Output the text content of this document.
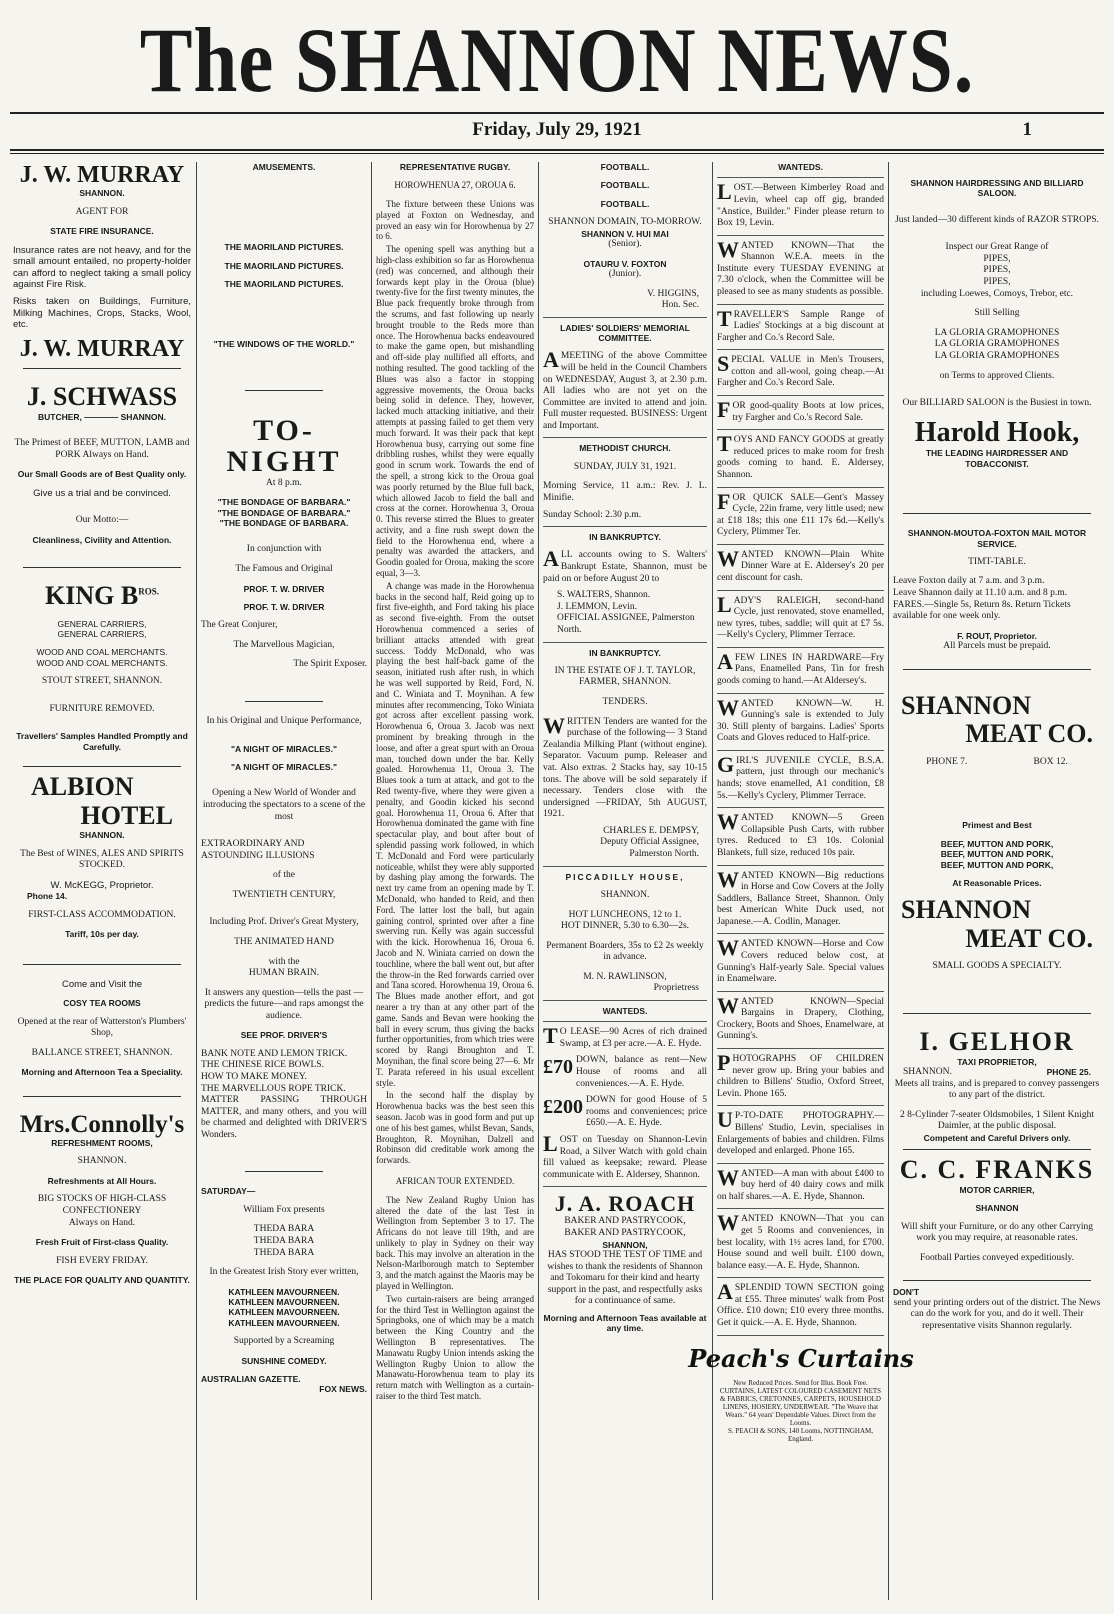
The SHANNON NEWS.
Friday, July 29, 1921	1
J. W. MURRAY
SHANNON.
AGENT FOR
STATE FIRE INSURANCE.

Insurance rates are not heavy, and for the small amount entailed, no property-holder can afford to neglect taking a small policy against Fire Risk.

Risks taken on Buildings, Furniture, Milking Machines, Crops, Stacks, Wool, etc.

J. W. MURRAY
J. SCHWASS
BUTCHER, ———— SHANNON.
The Primest of BEEF, MUTTON, LAMB and PORK Always on Hand.
Our Small Goods are of Best Quality only.
Give us a trial and be convinced.
Our Motto:—
Cleanliness, Civility and Attention.
KING $B^{ROS.}$
GENERAL CARRIERS,
GENERAL CARRIERS,
WOOD AND COAL MERCHANTS.
WOOD AND COAL MERCHANTS.
STOUT STREET, SHANNON.
FURNITURE REMOVED.
Travellers' Samples Handled Promptly and Carefully.
ALBION
HOTEL
SHANNON.
The Best of WINES, ALES AND SPIRITS STOCKED.
W. McKEGG, Proprietor.
Phone 14.
FIRST-CLASS ACCOMMODATION.
Tariff, 10s per day.
Come and Visit the
COSY TEA ROOMS
Opened at the rear of Watterston's Plumbers' Shop,
BALLANCE STREET, SHANNON.
Morning and Afternoon Tea a Speciality.
Mrs.Connolly's
REFRESHMENT ROOMS,
SHANNON.
Refreshments at All Hours.
BIG STOCKS OF HIGH-CLASS CONFECTIONERY
Always on Hand.
Fresh Fruit of First-class Quality.
FISH EVERY FRIDAY.
THE PLACE FOR QUALITY AND QUANTITY.
AMUSEMENTS.
THE MAORILAND PICTURES.
THE MAORILAND PICTURES.
THE MAORILAND PICTURES.
"THE WINDOWS OF THE WORLD."
TO-NIGHT
At 8 p.m.
"THE BONDAGE OF BARBARA."
"THE BONDAGE OF BARBARA."
"THE BONDAGE OF BARBARA.
In conjunction with
The Famous and Original
PROF. T. W. DRIVER
PROF. T. W. DRIVER
The Great Conjurer,
The Marvellous Magician,
The Spirit Exposer.
In his Original and Unique Performance,
"A NIGHT OF MIRACLES."
"A NIGHT OF MIRACLES."
Opening a New World of Wonder and introducing the spectators to a scene of the most
EXTRAORDINARY AND ASTOUNDING ILLUSIONS
of the
TWENTIETH CENTURY,
Including Prof. Driver's Great Mystery,
THE ANIMATED HAND
with the
HUMAN BRAIN.
It answers any question—tells the past —predicts the future—and raps amongst the audience.
SEE PROF. DRIVER'S
BANK NOTE AND LEMON TRICK.
THE CHINESE RICE BOWLS.
HOW TO MAKE MONEY.
THE MARVELLOUS ROPE TRICK.
MATTER PASSING THROUGH MATTER, and many others, and you will be charmed and delighted with DRIVER'S Wonders.
SATURDAY—
William Fox presents
THEDA BARA
THEDA BARA
THEDA BARA
In the Greatest Irish Story ever written,
KATHLEEN MAVOURNEEN.
KATHLEEN MAVOURNEEN.
KATHLEEN MAVOURNEEN.
KATHLEEN MAVOURNEEN.
Supported by a Screaming
SUNSHINE COMEDY.
AUSTRALIAN GAZETTE.
FOX NEWS.
REPRESENTATIVE RUGBY.
HOROWHENUA 27, OROUA 6.

The fixture between these Unions was played at Foxton on Wednesday, and proved an easy win for Horowhenua by 27 to 6.

The opening spell was anything but a high-class exhibition so far as Horowhenua (red) was concerned, and although their forwards kept play in the Oroua (blue) twenty-five for the first twenty minutes, the Blue pack frequently broke through from the scrums, and fast following up nearly brought trouble to the Reds more than once. The Horowhenua backs endeavoured to make the game open, but mishandling and off-side play nullified all efforts, and nothing resulted. The good tackling of the Blues was also a factor in stopping aggressive movements, the Oroua backs being solid in defence. They, however, lacked much attacking initiative, and their attempts at passing failed to get them very much forward. It was their pack that kept Horowhenua busy, carrying out some fine dribbling rushes, whilst they were equally good in scrum work. Towards the end of the spell, a strong kick to the Oroua goal was poorly returned by the Blue full back, which allowed Jacob to field the ball and cross at the corner. Horowhenua 3, Oroua 0. This reverse stirred the Blues to greater activity, and a fine rush swept down the field to the Horowhenua end, where a penalty was awarded the attackers, and Goodin goaled for Oroua, making the score equal, 3—3.

A change was made in the Horowhenua backs in the second half, Reid going up to first five-eighth, and Ford taking his place as second five-eighth. From the outset Horowhenua commenced a series of brilliant attacks attended with great success. Toddy McDonald, who was playing the best half-back game of the season, initiated rush after rush, in which he was well supported by Reid, Ford, N. and C. Winiata and T. Moynihan. A few minutes after recommencing, Toko Winiata got across after excellent passing work. Horowhenua 6, Oroua 3. Jacob was next prominent by breaking through in the loose, and after a great spurt with an Oroua man, touched down under the bar. Kelly goaled. Horowhenua 11, Oroua 3. The Blues took a turn at attack, and got to the Red twenty-five, where they were given a penalty, and Goodin kicked his second goal. Horowhenua 11, Oroua 6. After that Horowhenua dominated the game with fine spectacular play, and bout after bout of splendid passing work followed, in which T. McDonald and Ford were particularly noticeable, whilst they were ably supported by dashing play among the forwards. The next try came from an opening made by T. McDonald, who handed to Reid, and then Ford. The latter lost the ball, but again gaining control, sprinted over after a fine swerving run. Kelly was again successful with the kick. Horowhenua 16, Oroua 6. Jacob and N. Winiata carried on down the touchline, where the ball went out, but after the throw-in the Red forwards carried over and Tana scored. Horowhenua 19, Oroua 6. The Blues made another effort, and got nearer a try than at any other part of the game. Sands and Bevan were hooking the ball in every scrum, thus giving the backs further opportunities, from which tries were scored by Rangi Broughton and T. Moynihan, the final score being 27—6. Mr T. Parata refereed in his usual excellent style.

In the second half the display by Horowhenua backs was the best seen this season. Jacob was in good form and put up one of his best games, whilst Bevan, Sands, Broughton, R. Moynihan, Dalzell and Robinson did creditable work among the forwards.

AFRICAN TOUR EXTENDED.

The New Zealand Rugby Union has altered the date of the last Test in Wellington from September 3 to 17. The Africans do not leave till 19th, and are unlikely to play in Sydney on their way back. This may involve an alteration in the Nelson-Marlborough match to September 3, and the match against the Maoris may be played in Wellington.

Two curtain-raisers are being arranged for the third Test in Wellington against the Springboks, one of which may be a match between the King Country and the Wellington B representatives. The Manawatu Rugby Union intends asking the Wellington Rugby Union to allow the Manawatu-Horowhenua team to play its return match with Wellington as a curtain-raiser to the third Test match.

FOOTBALL.
FOOTBALL.
FOOTBALL.
SHANNON DOMAIN, TO-MORROW.
SHANNON V. HUI MAI
(Senior).
OTAURU V. FOXTON
(Junior).
V. HIGGINS,
Hon. Sec.
LADIES' SOLDIERS' MEMORIAL COMMITTEE.

AMEETING of the above Committee will be held in the Council Chambers on WEDNESDAY, August 3, at 2.30 p.m. All ladies who are not yet on the Committee are invited to attend and join. Full muster requested. BUSINESS: Urgent and Important.

METHODIST CHURCH.
SUNDAY, JULY 31, 1921.

Morning Service, 11 a.m.: Rev. J. L. Minifie.

Sunday School: 2.30 p.m.

IN BANKRUPTCY.

ALL accounts owing to S. Walters' Bankrupt Estate, Shannon, must be paid on or before August 20 to

S. WALTERS, Shannon.
J. LEMMON, Levin.
OFFICIAL ASSIGNEE, Palmerston North.
IN BANKRUPTCY.
IN THE ESTATE OF J. T. TAYLOR, FARMER, SHANNON.
TENDERS.

WRITTEN Tenders are wanted for the purchase of the following— 3 Stand Zealandia Milking Plant (without engine). Separator. Vacuum pump. Releaser and vat. Also extras. 2 Stacks hay, say 10-15 tons. The above will be sold separately if necessary. Tenders close with the undersigned —FRIDAY, 5th AUGUST, 1921.

CHARLES E. DEMPSY,
Deputy Official Assignee,
Palmerston North.
PICCADILLY HOUSE,
SHANNON.
HOT LUNCHEONS, 12 to 1.
HOT DINNER, 5.30 to 6.30—2s.
Permanent Boarders, 35s to £2 2s weekly in advance.
M. N. RAWLINSON,
Proprietress
WANTEDS.

TO LEASE—90 Acres of rich drained Swamp, at £3 per acre.—A. E. Hyde.

£70 DOWN, balance as rent—New House of rooms and all conveniences.—A. E. Hyde.

£200 DOWN for good House of 5 rooms and conveniences; price £650.—A. E. Hyde.

LOST on Tuesday on Shannon-Levin Road, a Silver Watch with gold chain fill valued as keepsake; reward. Please communicate with E. Aldersey, Shannon.

J. A. ROACH
BAKER AND PASTRYCOOK,
BAKER AND PASTRYCOOK,
SHANNON,

HAS STOOD THE TEST OF TIME and wishes to thank the residents of Shannon and Tokomaru for their kind and hearty support in the past, and respectfully asks for a continuance of same.

Morning and Afternoon Teas available at any time.
WANTEDS.

LOST.—Between Kimberley Road and Levin, wheel cap off gig, branded "Anstice, Builder." Finder please return to Box 19, Levin.

WANTED KNOWN—That the Shannon W.E.A. meets in the Institute every TUESDAY EVENING at 7.30 o'clock, when the Committee will be pleased to see as many students as possible.

TRAVELLER'S Sample Range of Ladies' Stockings at a big discount at Fargher and Co.'s Record Sale.

SPECIAL VALUE in Men's Trousers, cotton and all-wool, going cheap.—At Fargher and Co.'s Record Sale.

FOR good-quality Boots at low prices, try Fargher and Co.'s Record Sale.

TOYS AND FANCY GOODS at greatly reduced prices to make room for fresh goods coming to hand. E. Aldersey, Shannon.

FOR QUICK SALE—Gent's Massey Cycle, 22in frame, very little used; new at £18 18s; this one £11 17s 6d.—Kelly's Cyclery, Plimmer Ter.

WANTED KNOWN—Plain White Dinner Ware at E. Aldersey's 20 per cent discount for cash.

LADY'S RALEIGH, second-hand Cycle, just renovated, stove enamelled, new tyres, tubes, saddle; will quit at £7 5s.—Kelly's Cyclery, Plimmer Terrace.

AFEW LINES IN HARDWARE—Fry Pans, Enamelled Pans, Tin for fresh goods coming to hand.—At Aldersey's.

WANTED KNOWN—W. H. Gunning's sale is extended to July 30. Still plenty of bargains. Ladies' Sports Coats and Gloves reduced to Half-price.

GIRL'S JUVENILE CYCLE, B.S.A. pattern, just through our mechanic's hands; stove enamelled, A1 condition, £8 5s.—Kelly's Cyclery, Plimmer Terrace.

WANTED KNOWN—5 Green Collapsible Push Carts, with rubber tyres. Reduced to £3 10s. Colonial Blankets, full size, reduced 10s pair.

WANTED KNOWN—Big reductions in Horse and Cow Covers at the Jolly Saddlers, Ballance Street, Shannon. Only best American White Duck used, not Japanese.—A. Codlin, Manager.

WANTED KNOWN—Horse and Cow Covers reduced below cost, at Gunning's Half-yearly Sale. Special values in Enamelware.

WANTED KNOWN—Special Bargains in Drapery, Clothing, Crockery, Boots and Shoes, Enamelware, at Gunning's.

PHOTOGRAPHS OF CHILDREN never grow up. Bring your babies and children to Billens' Studio, Oxford Street, Levin. Phone 165.

UP-TO-DATE PHOTOGRAPHY.—Billens' Studio, Levin, specialises in Enlargements of babies and children. Films developed and enlarged. Phone 165.

WANTED—A man with about £400 to buy herd of 40 dairy cows and milk on half shares.—A. E. Hyde, Shannon.

WANTED KNOWN—That you can get 5 Rooms and conveniences, in best locality, with 1½ acres land, for £700. House sound and well built. £100 down, balance easy.—A. E. Hyde, Shannon.

ASPLENDID TOWN SECTION going at £55. Three minutes' walk from Post Office. £10 down; £10 every three months. Get it quick.—A. E. Hyde, Shannon.

Peach's Curtains
New Reduced Prices. Send for Illus. Book Free. CURTAINS, LATEST COLOURED CASEMENT NETS & FABRICS, CRETONNES, CARPETS, HOUSEHOLD LINENS, HOSIERY, UNDERWEAR. "The Weave that Wears." 64 years' Dependable Values. Direct from the Looms.
S. PEACH & SONS, 140 Looms, NOTTINGHAM, England.
SHANNON HAIRDRESSING AND BILLIARD SALOON.
Just landed—30 different kinds of RAZOR STROPS.
Inspect our Great Range of
PIPES,
PIPES,
PIPES,
including Loewes, Comoys, Trebor, etc.
Still Selling
LA GLORIA GRAMOPHONES
LA GLORIA GRAMOPHONES
LA GLORIA GRAMOPHONES
on Terms to approved Clients.
Our BILLIARD SALOON is the Busiest in town.
Harold Hook,
THE LEADING HAIRDRESSER AND TOBACCONIST.
SHANNON-MOUTOA-FOXTON MAIL MOTOR SERVICE.
TIMT-TABLE.
Leave Foxton daily at 7 a.m. and 3 p.m.
Leave Shannon daily at 11.10 a.m. and 8 p.m.
FARES.—Single 5s, Return 8s. Return Tickets available for one week only.
F. ROUT, Proprietor.
All Parcels must be prepaid.
SHANNON
MEAT CO.
PHONE 7.	BOX 12.
Primest and Best
BEEF, MUTTON AND PORK,
BEEF, MUTTON AND PORK,
BEEF, MUTTON AND PORK,
At Reasonable Prices.
SHANNON
MEAT CO.
SMALL GOODS A SPECIALTY.
I. GELHOR
TAXI PROPRIETOR,
SHANNON.	PHONE 25.
Meets all trains, and is prepared to convey passengers to any part of the district.
2 8-Cylinder 7-seater Oldsmobiles, 1 Silent Knight Daimler, at the public disposal.
Competent and Careful Drivers only.
C. C. FRANKS
MOTOR CARRIER,
SHANNON
Will shift your Furniture, or do any other Carrying work you may require, at reasonable rates.
Football Parties conveyed expeditiously.
DON'T
send your printing orders out of the district. The News can do the work for you, and do it well. Their representative visits Shannon regularly.
